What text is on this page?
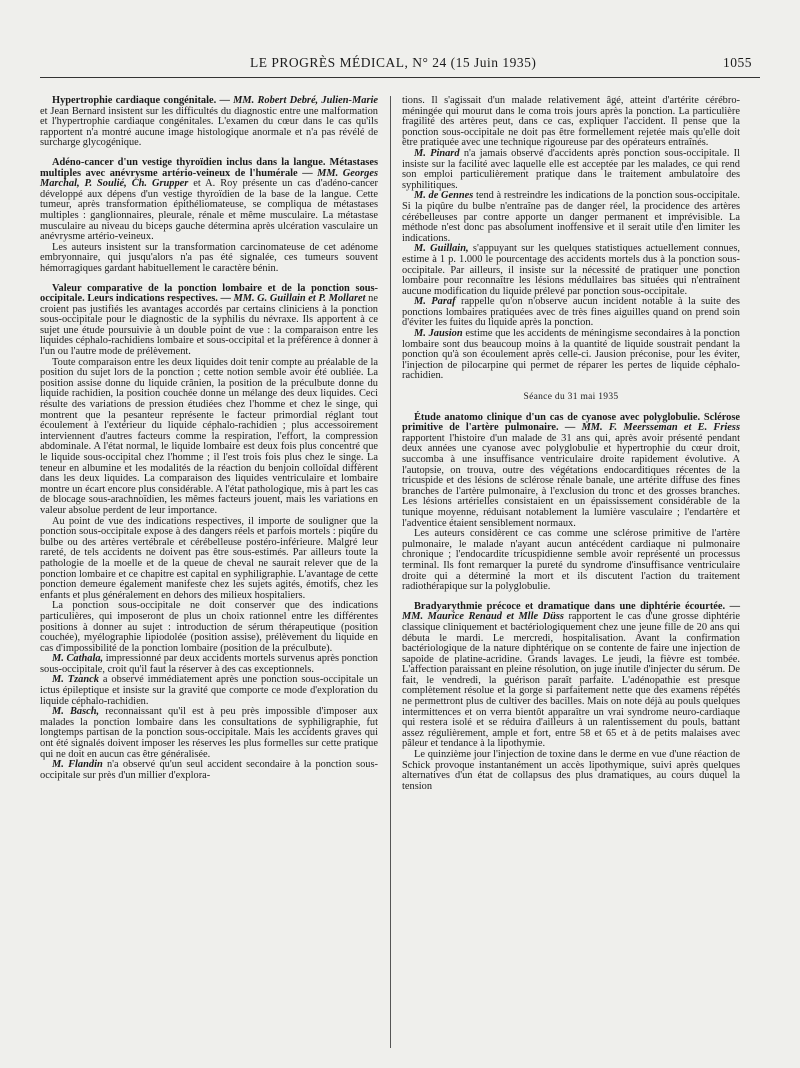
LE PROGRÈS MÉDICAL, N° 24 (15 Juin 1935)	1055

Hypertrophie cardiaque congénitale. — MM. Robert Debré, Julien-Marie et Jean Bernard insistent sur les difficultés du diagnostic entre une malformation et l'hypertrophie cardiaque congénitales. L'examen du cœur dans le cas qu'ils rapportent n'a montré aucune image histologique anormale et n'a pas révélé de surcharge glycogénique.

Adéno-cancer d'un vestige thyroïdien inclus dans la langue. Métastases multiples avec anévrysme artério-veineux de l'humérale — MM. Georges Marchal, P. Soulié, Ch. Grupper et A. Roy présente un cas d'adéno-cancer développé aux dépens d'un vestige thyroïdien de la base de la langue. Cette tumeur, après transformation épithéliomateuse, se compliqua de métastases multiples : ganglionnaires, pleurale, rénale et même musculaire. La métastase musculaire au niveau du biceps gauche détermina après ulcération vasculaire un anévrysme artério-veineux.

Les auteurs insistent sur la transformation carcinomateuse de cet adénome embryonnaire, qui jusqu'alors n'a pas été signalée, ces tumeurs souvent hémorragiques gardant habituellement le caractère bénin.

Valeur comparative de la ponction lombaire et de la ponction sous-occipitale. Leurs indications respectives. — MM. G. Guillain et P. Mollaret ne croient pas justifiés les avantages accordés par certains cliniciens à la ponction sous-occipitale pour le diagnostic de la syphilis du névraxe. Ils apportent à ce sujet une étude poursuivie à un double point de vue : la comparaison entre les liquides céphalo-rachidiens lombaire et sous-occipital et la préférence à donner à l'un ou l'autre mode de prélèvement.

Toute comparaison entre les deux liquides doit tenir compte au préalable de la position du sujet lors de la ponction ; cette notion semble avoir été oubliée. La position assise donne du liquide crânien, la position de la préculbute donne du liquide rachidien, la position couchée donne un mélange des deux liquides. Ceci résulte des variations de pression étudiées chez l'homme et chez le singe, qui montrent que la pesanteur représente le facteur primordial réglant tout écoulement à l'extérieur du liquide céphalo-rachidien ; plus accessoirement interviennent d'autres facteurs comme la respiration, l'effort, la compression abdominale. A l'état normal, le liquide lombaire est deux fois plus concentré que le liquide sous-occipital chez l'homme ; il l'est trois fois plus chez le singe. La teneur en albumine et les modalités de la réaction du benjoin colloïdal diffèrent dans les deux liquides. La comparaison des liquides ventriculaire et lombaire montre un écart encore plus considérable. A l'état pathologique, mis à part les cas de blocage sous-arachnoïdien, les mêmes facteurs jouent, mais les variations en valeur absolue perdent de leur importance.

Au point de vue des indications respectives, il importe de souligner que la ponction sous-occipitale expose à des dangers réels et parfois mortels : piqûre du bulbe ou des artères vertébrale et cérébelleuse postéro-inférieure. Malgré leur rareté, de tels accidents ne doivent pas être sous-estimés. Par ailleurs toute la pathologie de la moelle et de la queue de cheval ne saurait relever que de la ponction lombaire et ce chapitre est capital en syphiligraphie. L'avantage de cette ponction demeure également manifeste chez les sujets agités, émotifs, chez les enfants et plus généralement en dehors des milieux hospitaliers.

La ponction sous-occipitale ne doit conserver que des indications particulières, qui imposeront de plus un choix rationnel entre les différentes positions à donner au sujet : introduction de sérum thérapeutique (position couchée), myélographie lipiodolée (position assise), prélèvement du liquide en cas d'impossibilité de la ponction lombaire (position de la préculbute).

M. Cathala, impressionné par deux accidents mortels survenus après ponction sous-occipitale, croit qu'il faut la réserver à des cas exceptionnels.

M. Tzanck a observé immédiatement après une ponction sous-occipitale un ictus épileptique et insiste sur la gravité que comporte ce mode d'exploration du liquide céphalo-rachidien.

M. Basch, reconnaissant qu'il est à peu près impossible d'imposer aux malades la ponction lombaire dans les consultations de syphiligraphie, fut longtemps partisan de la ponction sous-occipitale. Mais les accidents graves qui ont été signalés doivent imposer les réserves les plus formelles sur cette pratique qui ne doit en aucun cas être généralisée.

M. Flandin n'a observé qu'un seul accident secondaire à la ponction sous-occipitale sur près d'un millier d'explora-

tions. Il s'agissait d'un malade relativement âgé, atteint d'artérite cérébro-méningée qui mourut dans le coma trois jours après la ponction. La particulière fragilité des artères peut, dans ce cas, expliquer l'accident. Il pense que la ponction sous-occipitale ne doit pas être formellement rejetée mais qu'elle doit être pratiquée avec une technique rigoureuse par des opérateurs entraînés.

M. Pinard n'a jamais observé d'accidents après ponction sous-occipitale. Il insiste sur la facilité avec laquelle elle est acceptée par les malades, ce qui rend son emploi particulièrement pratique dans le traitement ambulatoire des syphilitiques.

M. de Gennes tend à restreindre les indications de la ponction sous-occipitale. Si la piqûre du bulbe n'entraîne pas de danger réel, la procidence des artères cérébelleuses par contre apporte un danger permanent et imprévisible. La méthode n'est donc pas absolument inoffensive et il serait utile d'en limiter les indications.

M. Guillain, s'appuyant sur les quelques statistiques actuellement connues, estime à 1 p. 1.000 le pourcentage des accidents mortels dus à la ponction sous-occipitale. Par ailleurs, il insiste sur la nécessité de pratiquer une ponction lombaire pour reconnaître les lésions médullaires bas situées qui n'entraînent aucune modification du liquide prélevé par ponction sous-occipitale.

M. Paraf rappelle qu'on n'observe aucun incident notable à la suite des ponctions lombaires pratiquées avec de très fines aiguilles quand on prend soin d'éviter les fuites du liquide après la ponction.

M. Jausion estime que les accidents de méningisme secondaires à la ponction lombaire sont dus beaucoup moins à la quantité de liquide soustrait pendant la ponction qu'à son écoulement après celle-ci. Jausion préconise, pour les éviter, l'injection de pilocarpine qui permet de réparer les pertes de liquide céphalo-rachidien.

Séance du 31 mai 1935

Étude anatomo clinique d'un cas de cyanose avec polyglobulie. Sclérose primitive de l'artère pulmonaire. — MM. F. Meersseman et E. Friess rapportent l'histoire d'un malade de 31 ans qui, après avoir présenté pendant deux années une cyanose avec polyglobulie et hypertrophie du cœur droit, succomba à une insuffisance ventriculaire droite rapidement évolutive. A l'autopsie, on trouva, outre des végétations endocarditiques récentes de la tricuspide et des lésions de sclérose rénale banale, une artérite diffuse des fines branches de l'artère pulmonaire, à l'exclusion du tronc et des grosses branches. Les lésions artérielles consistaient en un épaississement considérable de la tunique moyenne, réduisant notablement la lumière vasculaire ; l'endartère et l'adventice étaient sensiblement normaux.

Les auteurs considèrent ce cas comme une sclérose primitive de l'artère pulmonaire, le malade n'ayant aucun antécédent cardiaque ni pulmonaire chronique ; l'endocardite tricuspidienne semble avoir représenté un processus terminal. Ils font remarquer la pureté du syndrome d'insuffisance ventriculaire droite qui a déterminé la mort et ils discutent l'action du traitement radiothérapique sur la polyglobulie.

Bradyarythmie précoce et dramatique dans une diphtérie écourtée. — MM. Maurice Renaud et Mlle Düss rapportent le cas d'une grosse diphtérie classique cliniquement et bactériologiquement chez une jeune fille de 20 ans qui débuta le mardi. Le mercredi, hospitalisation. Avant la confirmation bactériologique de la nature diphtérique on se contente de faire une injection de sapoide de platine-acridine. Grands lavages. Le jeudi, la fièvre est tombée. L'affection paraissant en pleine résolution, on juge inutile d'injecter du sérum. De fait, le vendredi, la guérison paraît parfaite. L'adénopathie est presque complètement résolue et la gorge si parfaitement nette que des examens répétés ne permettront plus de cultiver des bacilles. Mais on note déjà au pouls quelques intermittences et on verra bientôt apparaître un vrai syndrome neuro-cardiaque qui restera isolé et se réduira d'ailleurs à un ralentissement du pouls, battant assez régulièrement, ample et fort, entre 58 et 65 et à de petits malaises avec pâleur et tendance à la lipothymie.

Le quinzième jour l'injection de toxine dans le derme en vue d'une réaction de Schick provoque instantanément un accès lipothymique, suivi après quelques alternatives d'un état de collapsus des plus dramatiques, au cours duquel la tension
